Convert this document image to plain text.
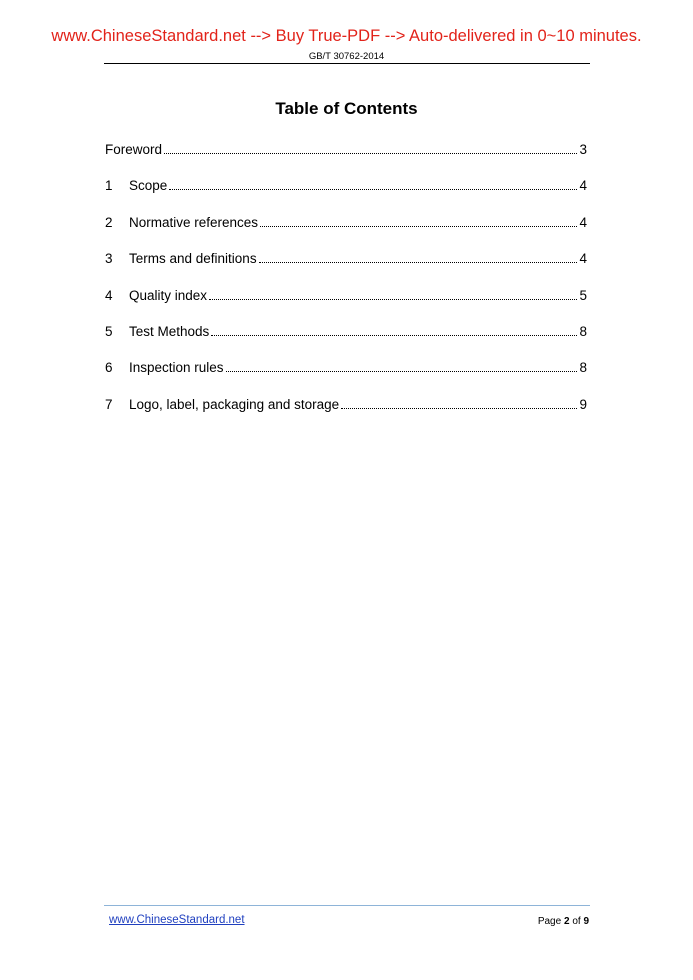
www.ChineseStandard.net --> Buy True-PDF --> Auto-delivered in 0~10 minutes.
GB/T 30762-2014
Table of Contents
Foreword	3
1	Scope	4
2	Normative references	4
3	Terms and definitions	4
4	Quality index	5
5	Test Methods	8
6	Inspection rules	8
7	Logo, label, packaging and storage	9
www.ChineseStandard.net	Page 2 of 9
